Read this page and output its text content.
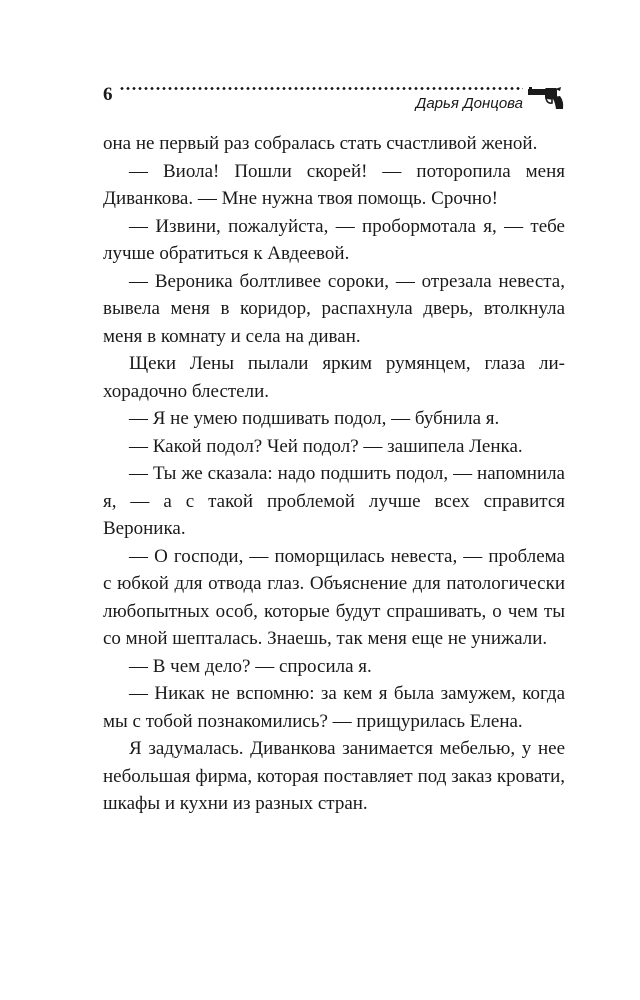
6	Дарья Донцова

она не первый раз собралась стать счастливой женой.

— Виола! Пошли скорей! — поторопила меня Диванкова. — Мне нужна твоя помощь. Срочно!

— Извини, пожалуйста, — пробормотала я, — тебе лучше обратиться к Авдеевой.

— Вероника болтливее сороки, — отрезала невеста, вывела меня в коридор, распахнула дверь, втолкнула меня в комнату и села на диван.

Щеки Лены пылали ярким румянцем, глаза лихорадочно блестели.

— Я не умею подшивать подол, — бубнила я.

— Какой подол? Чей подол? — зашипела Ленка.

— Ты же сказала: надо подшить подол, — напомнила я, — а с такой проблемой лучше всех справится Вероника.

— О господи, — поморщилась невеста, — проблема с юбкой для отвода глаз. Объяснение для патологически любопытных особ, которые будут спрашивать, о чем ты со мной шепталась. Знаешь, так меня еще не унижали.

— В чем дело? — спросила я.

— Никак не вспомню: за кем я была замужем, когда мы с тобой познакомились? — прищурилась Елена.

Я задумалась. Диванкова занимается мебелью, у нее небольшая фирма, которая поставляет под заказ кровати, шкафы и кухни из разных стран.
